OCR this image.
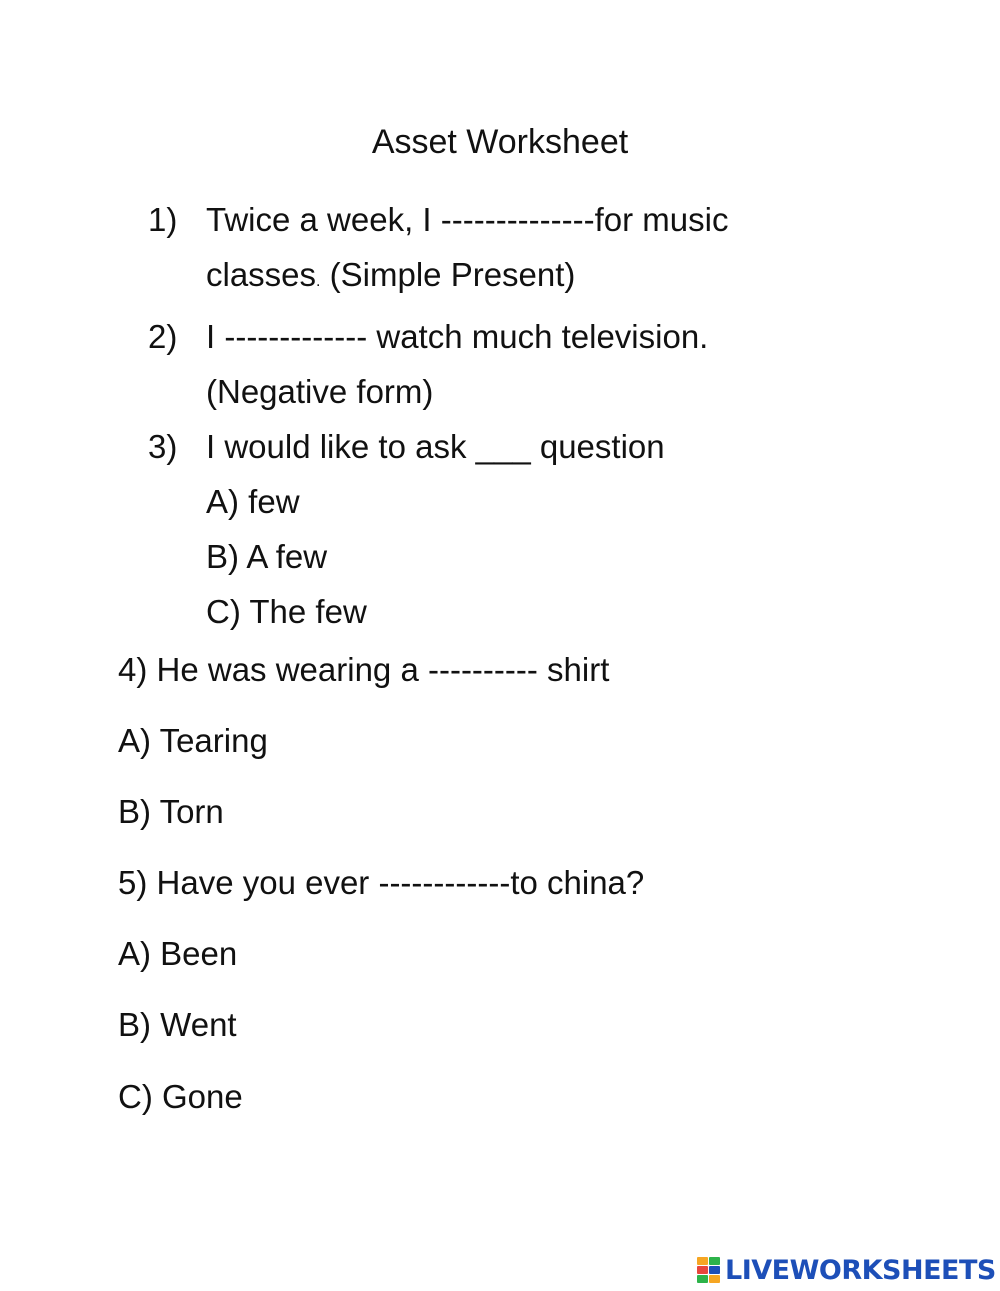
Asset Worksheet
1) Twice a week, I --------------for music
classes. (Simple Present)
2) I ------------- watch much television.
(Negative form)
3) I would like to ask ___ question
A) few
B) A few
C) The few
4) He was wearing a ---------- shirt
A) Tearing
B) Torn
5) Have you ever ------------to china?
A) Been
B) Went
C) Gone
LIVEWORKSHEETS
